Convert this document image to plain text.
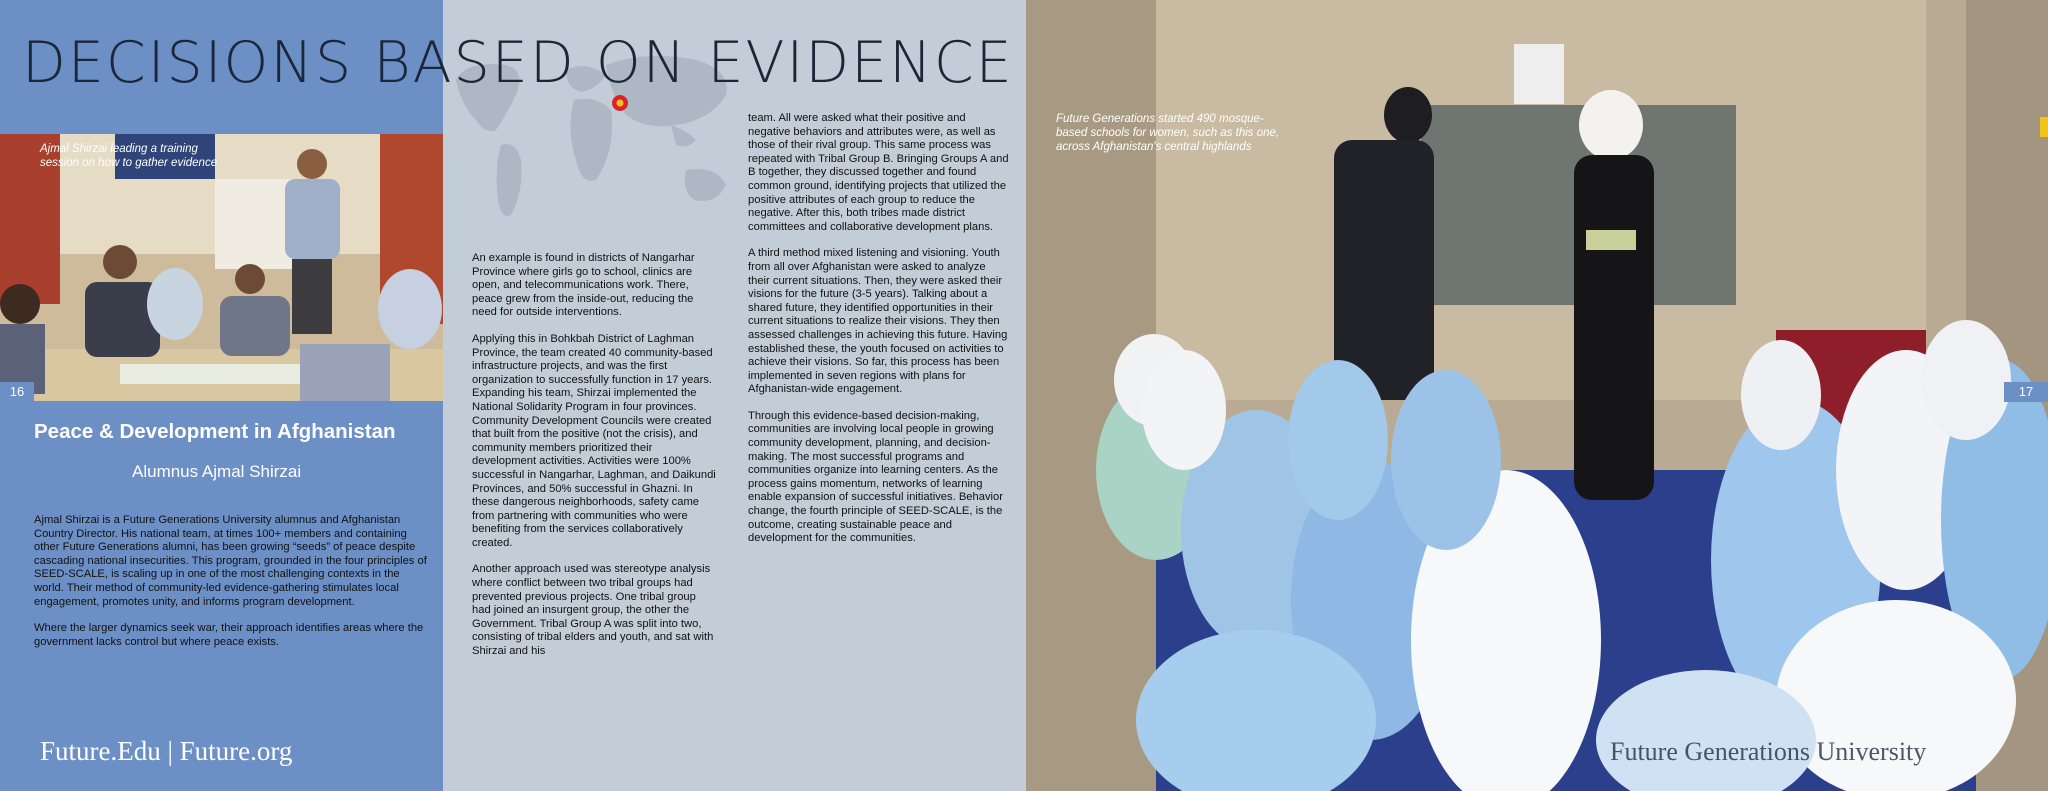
DECISIONS BASED ON EVIDENCE
Ajmal Shirzai leading a training session on how to gather evidence
Future Generations started 490 mosque-based schools for women, such as this one, across Afghanistan's central highlands
16	17
Peace & Development in Afghanistan
Alumnus Ajmal Shirzai

Ajmal Shirzai is a Future Generations University alumnus and Afghanistan Country Director. His national team, at times 100+ members and containing other Future Generations alumni, has been growing “seeds” of peace despite cascading national insecurities. This program, grounded in the four principles of SEED-SCALE, is scaling up in one of the most challenging contexts in the world. Their method of community-led evidence-gathering stimulates local engagement, promotes unity, and informs program development.

Where the larger dynamics seek war, their approach identifies areas where the government lacks control but where peace exists.

An example is found in districts of Nangarhar Province where girls go to school, clinics are open, and telecommunications work. There, peace grew from the inside-out, reducing the need for outside interventions.

Applying this in Bohkbah District of Laghman Province, the team created 40 community-based infrastructure projects, and was the first organization to successfully function in 17 years. Expanding his team, Shirzai implemented the National Solidarity Program in four provinces. Community Development Councils were created that built from the positive (not the crisis), and community members prioritized their development activities. Activities were 100% successful in Nangarhar, Laghman, and Daikundi Provinces, and 50% successful in Ghazni. In these dangerous neighborhoods, safety came from partnering with communities who were benefiting from the services collaboratively created.

Another approach used was stereotype analysis where conflict between two tribal groups had prevented previous projects. One tribal group had joined an insurgent group, the other the Government. Tribal Group A was split into two, consisting of tribal elders and youth, and sat with Shirzai and his

team. All were asked what their positive and negative behaviors and attributes were, as well as those of their rival group. This same process was repeated with Tribal Group B. Bringing Groups A and B together, they discussed together and found common ground, identifying projects that utilized the positive attributes of each group to reduce the negative. After this, both tribes made district committees and collaborative development plans.

A third method mixed listening and visioning. Youth from all over Afghanistan were asked to analyze their current situations. Then, they were asked their visions for the future (3-5 years). Talking about a shared future, they identified opportunities in their current situations to realize their visions. They then assessed challenges in achieving this future. Having established these, the youth focused on activities to achieve their visions. So far, this process has been implemented in seven regions with plans for Afghanistan-wide engagement.

Through this evidence-based decision-making, communities are involving local people in growing community development, planning, and decision-making. The most successful programs and communities organize into learning centers. As the process gains momentum, networks of learning enable expansion of successful initiatives. Behavior change, the fourth principle of SEED-SCALE, is the outcome, creating sustainable peace and development for the communities.

Future.Edu | Future.org	Future Generations University
